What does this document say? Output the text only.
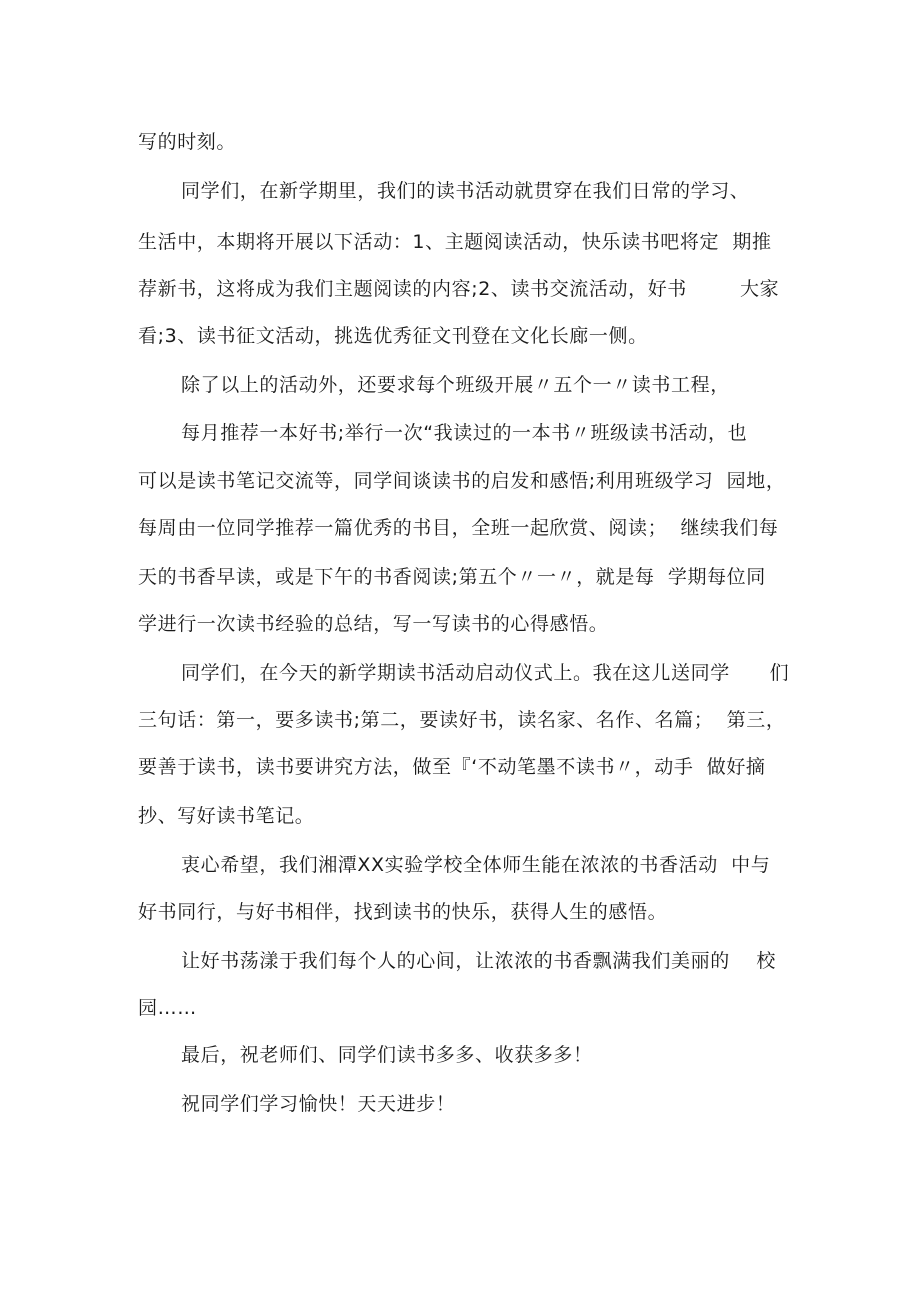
写的时刻。
同学们，在新学期里，我们的读书活动就贯穿在我们日常的学习、
生活中，本期将开展以下活动：1、主题阅读活动，快乐读书吧将定  期推
荐新书，这将成为我们主题阅读的内容;2、读书交流活动，好书        大家
看;3、读书征文活动，挑选优秀征文刊登在文化长廊一侧。
除了以上的活动外，还要求每个班级开展〃五个一〃读书工程，
每月推荐一本好书;举行一次“我读过的一本书〃班级读书活动，也
可以是读书笔记交流等，同学间谈读书的启发和感悟;利用班级学习  园地，
每周由一位同学推荐一篇优秀的书目，全班一起欣赏、阅读；  继续我们每
天的书香早读，或是下午的书香阅读;第五个〃一〃，就是每  学期每位同
学进行一次读书经验的总结，写一写读书的心得感悟。
同学们，在今天的新学期读书活动启动仪式上。我在这儿送同学      们
三句话：第一，要多读书;第二，要读好书，读名家、名作、名篇；  第三，
要善于读书，读书要讲究方法，做至『‘不动笔墨不读书〃，动手  做好摘
抄、写好读书笔记。
衷心希望，我们湘潭XX实验学校全体师生能在浓浓的书香活动  中与
好书同行，与好书相伴，找到读书的快乐，获得人生的感悟。
让好书荡漾于我们每个人的心间，让浓浓的书香飘满我们美丽的    校
园……
最后，祝老师们、同学们读书多多、收获多多！
祝同学们学习愉快！天天进步！
